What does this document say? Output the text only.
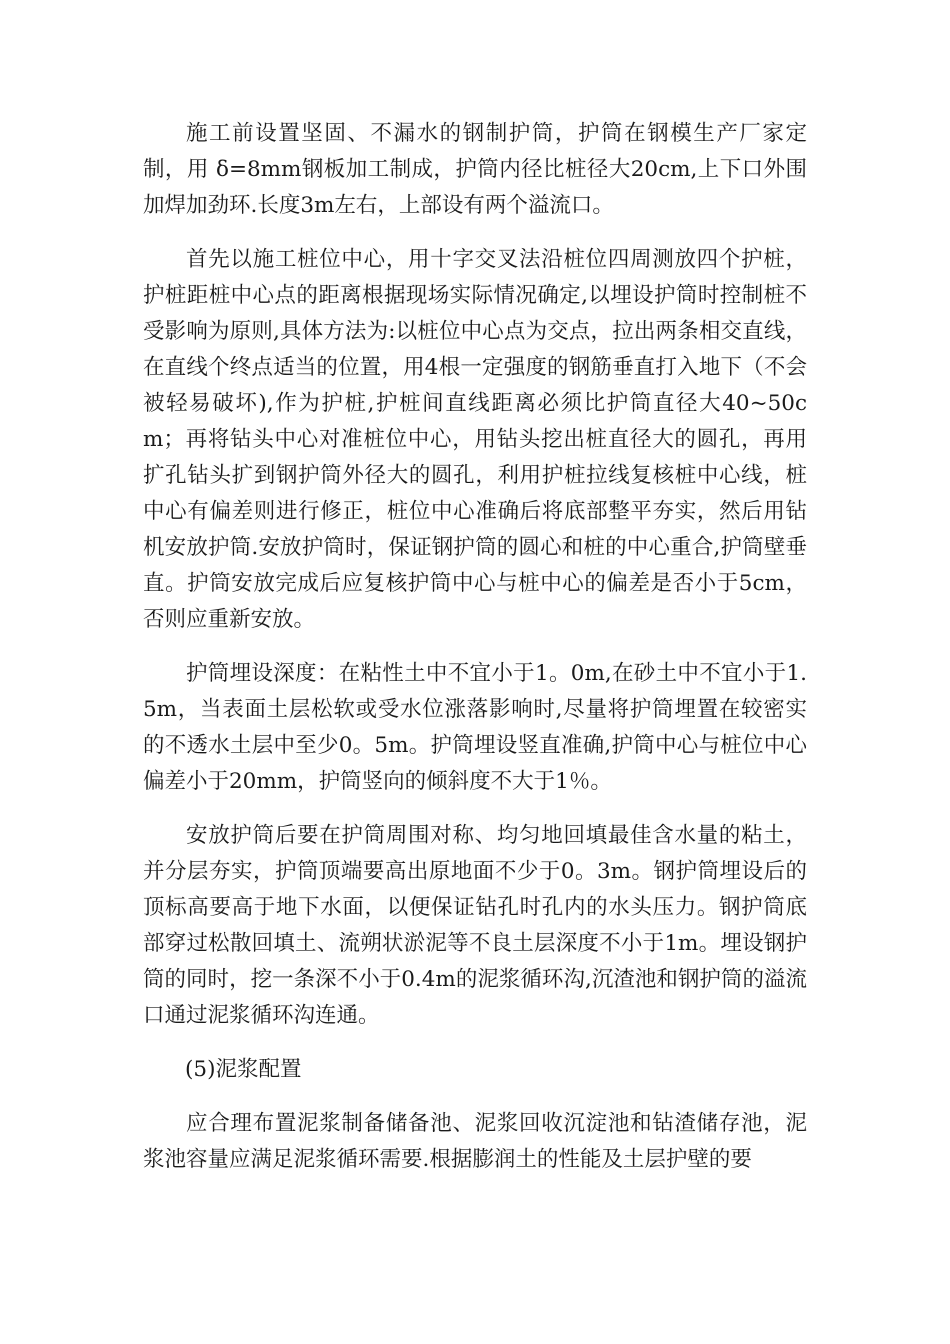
施工前设置坚固、不漏水的钢制护筒，护筒在钢模生产厂家定制，用 δ=8mm钢板加工制成，护筒内径比桩径大20cm,上下口外围加焊加劲环.长度3m左右，上部设有两个溢流口。

首先以施工桩位中心，用十字交叉法沿桩位四周测放四个护桩，护桩距桩中心点的距离根据现场实际情况确定,以埋设护筒时控制桩不受影响为原则,具体方法为:以桩位中心点为交点，拉出两条相交直线，在直线个终点适当的位置，用4根一定强度的钢筋垂直打入地下（不会被轻易破坏),作为护桩,护桩间直线距离必须比护筒直径大40~50cm；再将钻头中心对准桩位中心，用钻头挖出桩直径大的圆孔，再用扩孔钻头扩到钢护筒外径大的圆孔，利用护桩拉线复核桩中心线，桩中心有偏差则进行修正，桩位中心准确后将底部整平夯实，然后用钻机安放护筒.安放护筒时，保证钢护筒的圆心和桩的中心重合,护筒壁垂直。护筒安放完成后应复核护筒中心与桩中心的偏差是否小于5cm，否则应重新安放。

护筒埋设深度：在粘性土中不宜小于1。0m,在砂土中不宜小于1.5m，当表面土层松软或受水位涨落影响时,尽量将护筒埋置在较密实的不透水土层中至少0。5m。护筒埋设竖直准确,护筒中心与桩位中心偏差小于20mm，护筒竖向的倾斜度不大于1％。

安放护筒后要在护筒周围对称、均匀地回填最佳含水量的粘土，并分层夯实，护筒顶端要高出原地面不少于0。3m。钢护筒埋设后的顶标高要高于地下水面，以便保证钻孔时孔内的水头压力。钢护筒底部穿过松散回填土、流朔状淤泥等不良土层深度不小于1m。埋设钢护筒的同时，挖一条深不小于0.4m的泥浆循环沟,沉渣池和钢护筒的溢流口通过泥浆循环沟连通。

(5)泥浆配置

应合理布置泥浆制备储备池、泥浆回收沉淀池和钻渣储存池，泥浆池容量应满足泥浆循环需要.根据膨润土的性能及土层护壁的要
